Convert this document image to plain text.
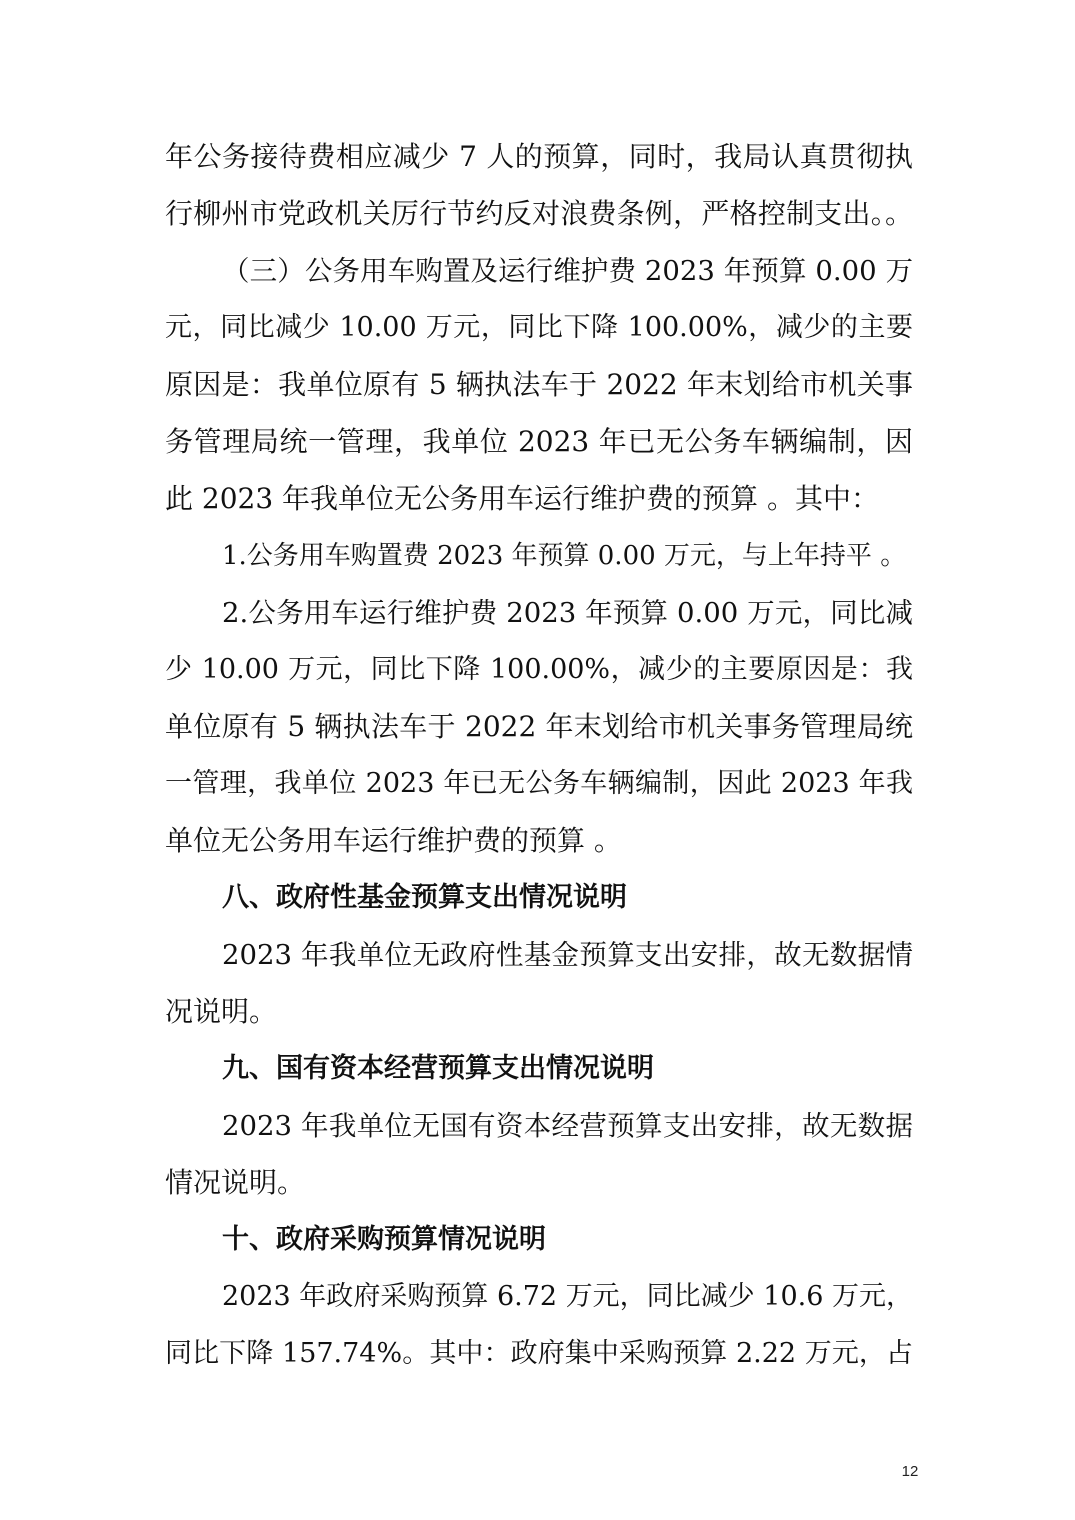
年公务接待费相应减少 7 人的预算，同时，我局认真贯彻执
行柳州市党政机关厉行节约反对浪费条例，严格控制支出。。
（三）公务用车购置及运行维护费 2023 年预算 0.00 万
元，同比减少 10.00 万元，同比下降 100.00%，减少的主要
原因是：我单位原有 5 辆执法车于 2022 年末划给市机关事
务管理局统一管理，我单位 2023 年已无公务车辆编制，因
此 2023 年我单位无公务用车运行维护费的预算 。其中：
1.公务用车购置费 2023 年预算 0.00 万元，与上年持平 。
2.公务用车运行维护费 2023 年预算 0.00 万元，同比减
少 10.00 万元，同比下降 100.00%，减少的主要原因是：我
单位原有 5 辆执法车于 2022 年末划给市机关事务管理局统
一管理，我单位 2023 年已无公务车辆编制，因此 2023 年我
单位无公务用车运行维护费的预算 。
八、政府性基金预算支出情况说明
2023 年我单位无政府性基金预算支出安排，故无数据情
况说明。
九、国有资本经营预算支出情况说明
2023 年我单位无国有资本经营预算支出安排，故无数据
情况说明。
十、政府采购预算情况说明
2023 年政府采购预算 6.72 万元，同比减少 10.6 万元，
同比下降 157.74%。其中：政府集中采购预算 2.22 万元，占
12
